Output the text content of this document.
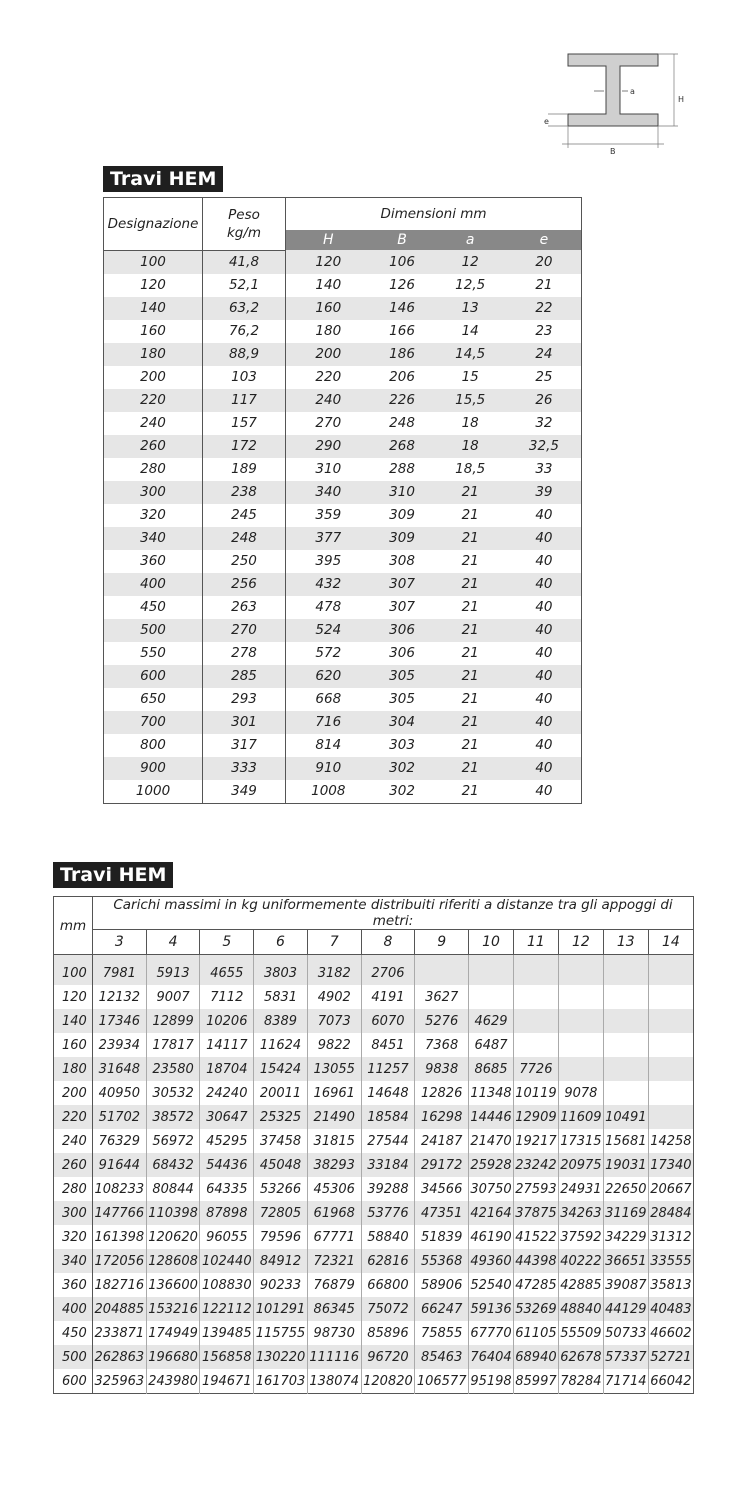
a
H
e
B
Travi HEM
Designazione	Peso
kg/m	Dimensioni mm			
		H	B	a	e
100	41,8	120	106	12	20
120	52,1	140	126	12,5	21
140	63,2	160	146	13	22
160	76,2	180	166	14	23
180	88,9	200	186	14,5	24
200	103	220	206	15	25
220	117	240	226	15,5	26
240	157	270	248	18	32
260	172	290	268	18	32,5
280	189	310	288	18,5	33
300	238	340	310	21	39
320	245	359	309	21	40
340	248	377	309	21	40
360	250	395	308	21	40
400	256	432	307	21	40
450	263	478	307	21	40
500	270	524	306	21	40
550	278	572	306	21	40
600	285	620	305	21	40
650	293	668	305	21	40
700	301	716	304	21	40
800	317	814	303	21	40
900	333	910	302	21	40
1000	349	1008	302	21	40
Travi HEM
mm	Carichi massimi in kg uniformemente distribuiti riferiti a distanze tra gli appoggi di metri:											
	3	4	5	6	7	8	9	10	11	12	13	14
100	7981	5913	4655	3803	3182	2706						
120	12132	9007	7112	5831	4902	4191	3627					
140	17346	12899	10206	8389	7073	6070	5276	4629				
160	23934	17817	14117	11624	9822	8451	7368	6487				
180	31648	23580	18704	15424	13055	11257	9838	8685	7726			
200	40950	30532	24240	20011	16961	14648	12826	11348	10119	9078		
220	51702	38572	30647	25325	21490	18584	16298	14446	12909	11609	10491	
240	76329	56972	45295	37458	31815	27544	24187	21470	19217	17315	15681	14258
260	91644	68432	54436	45048	38293	33184	29172	25928	23242	20975	19031	17340
280	108233	80844	64335	53266	45306	39288	34566	30750	27593	24931	22650	20667
300	147766	110398	87898	72805	61968	53776	47351	42164	37875	34263	31169	28484
320	161398	120620	96055	79596	67771	58840	51839	46190	41522	37592	34229	31312
340	172056	128608	102440	84912	72321	62816	55368	49360	44398	40222	36651	33555
360	182716	136600	108830	90233	76879	66800	58906	52540	47285	42885	39087	35813
400	204885	153216	122112	101291	86345	75072	66247	59136	53269	48840	44129	40483
450	233871	174949	139485	115755	98730	85896	75855	67770	61105	55509	50733	46602
500	262863	196680	156858	130220	111116	96720	85463	76404	68940	62678	57337	52721
600	325963	243980	194671	161703	138074	120820	106577	95198	85997	78284	71714	66042
